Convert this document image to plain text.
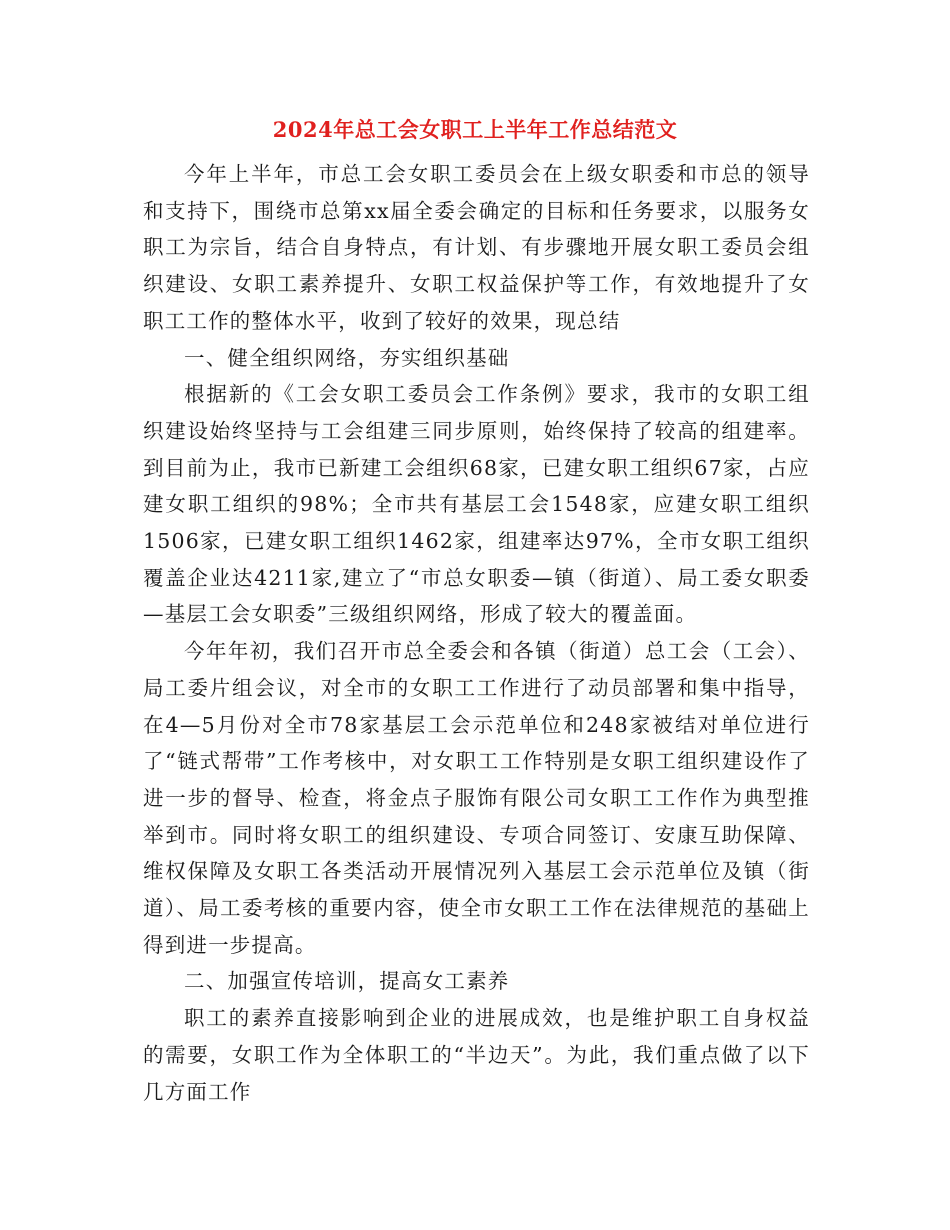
2024年总工会女职工上半年工作总结范文

今年上半年，市总工会女职工委员会在上级女职委和市总的领导和支持下，围绕市总第xx届全委会确定的目标和任务要求，以服务女职工为宗旨，结合自身特点，有计划、有步骤地开展女职工委员会组织建设、女职工素养提升、女职工权益保护等工作，有效地提升了女职工工作的整体水平，收到了较好的效果，现总结

一、健全组织网络，夯实组织基础

根据新的《工会女职工委员会工作条例》要求，我市的女职工组织建设始终坚持与工会组建三同步原则，始终保持了较高的组建率。到目前为止，我市已新建工会组织68家，已建女职工组织67家，占应建女职工组织的98%；全市共有基层工会1548家，应建女职工组织1506家，已建女职工组织1462家，组建率达97%，全市女职工组织覆盖企业达4211家,建立了“市总女职委—镇（街道）、局工委女职委—基层工会女职委”三级组织网络，形成了较大的覆盖面。

今年年初，我们召开市总全委会和各镇（街道）总工会（工会）、局工委片组会议，对全市的女职工工作进行了动员部署和集中指导，在4—5月份对全市78家基层工会示范单位和248家被结对单位进行了“链式帮带”工作考核中，对女职工工作特别是女职工组织建设作了进一步的督导、检查，将金点子服饰有限公司女职工工作作为典型推举到市。同时将女职工的组织建设、专项合同签订、安康互助保障、维权保障及女职工各类活动开展情况列入基层工会示范单位及镇（街道）、局工委考核的重要内容，使全市女职工工作在法律规范的基础上得到进一步提高。

二、加强宣传培训，提高女工素养

职工的素养直接影响到企业的进展成效，也是维护职工自身权益的需要，女职工作为全体职工的“半边天”。为此，我们重点做了以下几方面工作
